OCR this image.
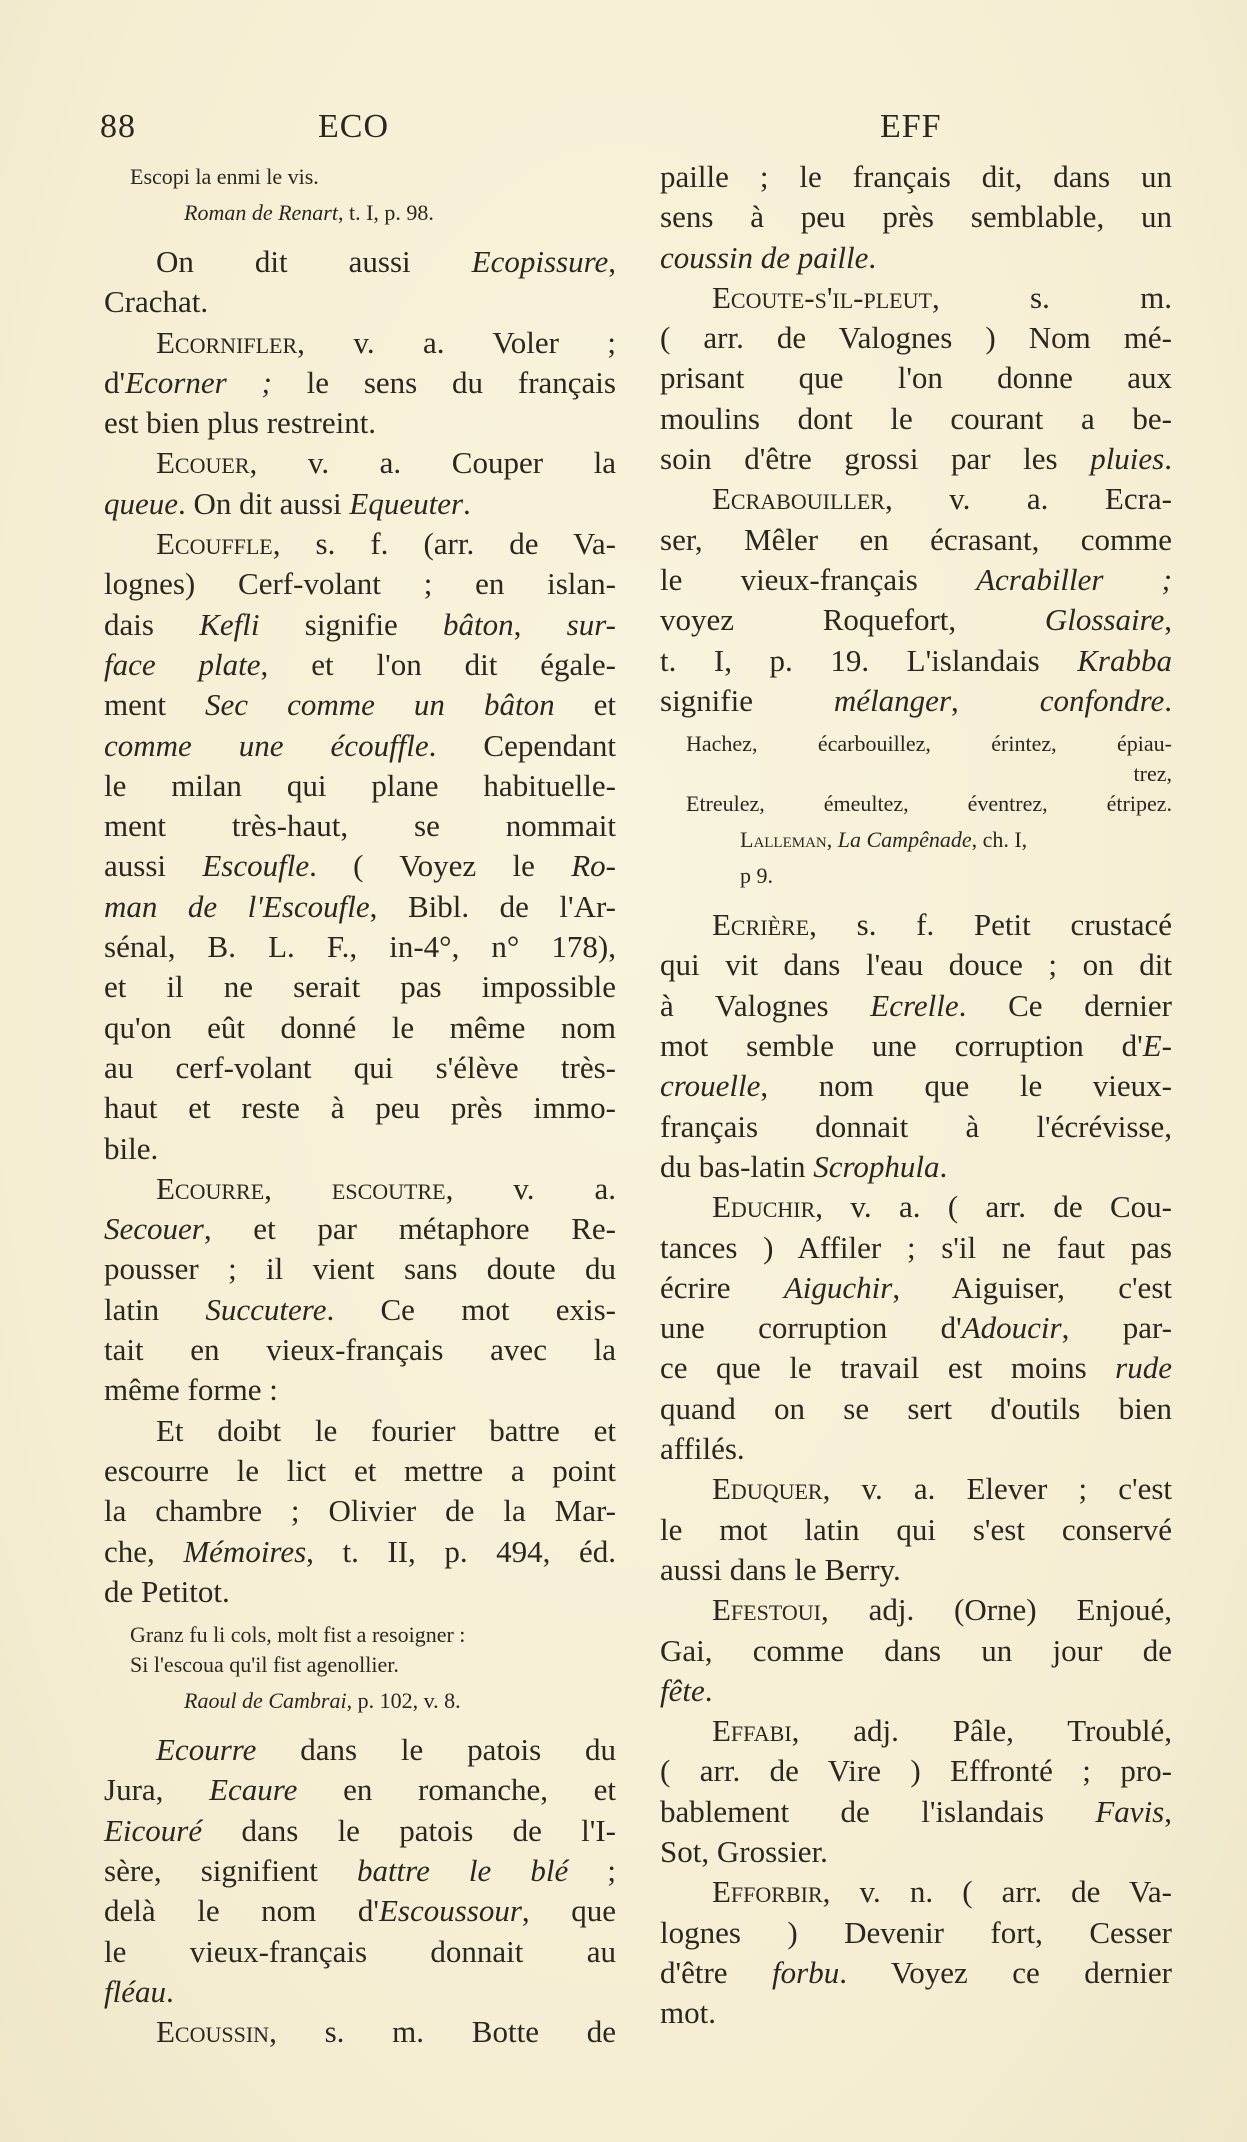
88	ECO	EFF
Escopi la enmi le vis.
Roman de Renart, t. I, p. 98.
On dit aussi Ecopissure,
Crachat.
Ecornifler, v. a. Voler ;
d'Ecorner ; le sens du français
est bien plus restreint.
Ecouer, v. a. Couper la
queue. On dit aussi Equeuter.
Ecouffle, s. f. (arr. de Va-
lognes) Cerf-volant ; en islan-
dais Kefli signifie bâton, sur-
face plate, et l'on dit égale-
ment Sec comme un bâton et
comme une écouffle. Cependant
le milan qui plane habituelle-
ment très-haut, se nommait
aussi Escoufle. ( Voyez le Ro-
man de l'Escoufle, Bibl. de l'Ar-
sénal, B. L. F., in-4°, n° 178),
et il ne serait pas impossible
qu'on eût donné le même nom
au cerf-volant qui s'élève très-
haut et reste à peu près immo-
bile.
Ecourre, escoutre, v. a.
Secouer, et par métaphore Re-
pousser ; il vient sans doute du
latin Succutere. Ce mot exis-
tait en vieux-français avec la
même forme :
Et doibt le fourier battre et
escourre le lict et mettre a point
la chambre ; Olivier de la Mar-
che, Mémoires, t. II, p. 494, éd.
de Petitot.
Granz fu li cols, molt fist a resoigner :
Si l'escoua qu'il fist agenollier.
Raoul de Cambrai, p. 102, v. 8.
Ecourre dans le patois du
Jura, Ecaure en romanche, et
Eicouré dans le patois de l'I-
sère, signifient battre le blé ;
delà le nom d'Escoussour, que
le vieux-français donnait au
fléau.
Ecoussin, s. m. Botte de
paille ; le français dit, dans un
sens à peu près semblable, un
coussin de paille.
Ecoute-s'il-pleut, s. m.
( arr. de Valognes ) Nom mé-
prisant que l'on donne aux
moulins dont le courant a be-
soin d'être grossi par les pluies.
Ecrabouiller, v. a. Ecra-
ser, Mêler en écrasant, comme
le vieux-français Acrabiller ;
voyez Roquefort, Glossaire,
t. I, p. 19. L'islandais Krabba
signifie mélanger, confondre.
Hachez, écarbouillez, érintez, épiau-
trez,
Etreulez, émeultez, éventrez, étripez.
Lalleman, La Campênade, ch. I,
p 9.
Ecrière, s. f. Petit crustacé
qui vit dans l'eau douce ; on dit
à Valognes Ecrelle. Ce dernier
mot semble une corruption d'E-
crouelle, nom que le vieux-
français donnait à l'écrévisse,
du bas-latin Scrophula.
Educhir, v. a. ( arr. de Cou-
tances ) Affiler ; s'il ne faut pas
écrire Aiguchir, Aiguiser, c'est
une corruption d'Adoucir, par-
ce que le travail est moins rude
quand on se sert d'outils bien
affilés.
Eduquer, v. a. Elever ; c'est
le mot latin qui s'est conservé
aussi dans le Berry.
Efestoui, adj. (Orne) Enjoué,
Gai, comme dans un jour de
fête.
Effabi, adj. Pâle, Troublé,
( arr. de Vire ) Effronté ; pro-
bablement de l'islandais Favis,
Sot, Grossier.
Efforbir, v. n. ( arr. de Va-
lognes ) Devenir fort, Cesser
d'être forbu. Voyez ce dernier
mot.
